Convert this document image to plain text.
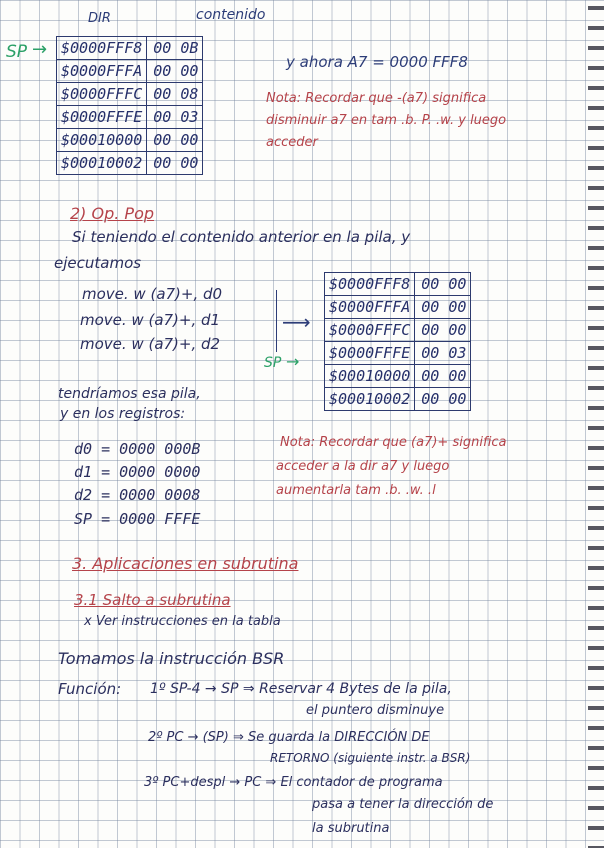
DIR	contenido
SP → $0000FFF8	00 0B
$0000FFFA	00 00
$0000FFFC	00 08
$0000FFFE	00 03
$00010000	00 00
$00010002	00 00
y ahora A7 = 0000 FFF8
Nota: Recordar que -(a7) significa
disminuir a7 en tam .b. P. .w. y luego
acceder
2) Op. Pop
Si teniendo el contenido anterior en la pila, y
ejecutamos
move. w (a7)+, d0
move. w (a7)+, d1
move. w (a7)+, d2
⟶
SP →
$0000FFF8	00 00
$0000FFFA	00 00
$0000FFFC	00 00
$0000FFFE	00 03
$00010000	00 00
$00010002	00 00
tendríamos esa pila,
y en los registros:
d0 = 0000 000B
d1 = 0000 0000
d2 = 0000 0008
SP = 0000 FFFE
Nota: Recordar que (a7)+ significa
acceder a la dir a7 y luego
aumentarla tam .b. .w. .l
3. Aplicaciones en subrutina
3.1 Salto a subrutina
x Ver instrucciones en la tabla
Tomamos la instrucción BSR
Función: 1º SP-4 → SP ⇒ Reservar 4 Bytes de la pila,
el puntero disminuye
2º PC → (SP) ⇒ Se guarda la DIRECCIÓN DE
RETORNO (siguiente instr. a BSR)
3º PC+despl → PC ⇒ El contador de programa
pasa a tener la dirección de
la subrutina
